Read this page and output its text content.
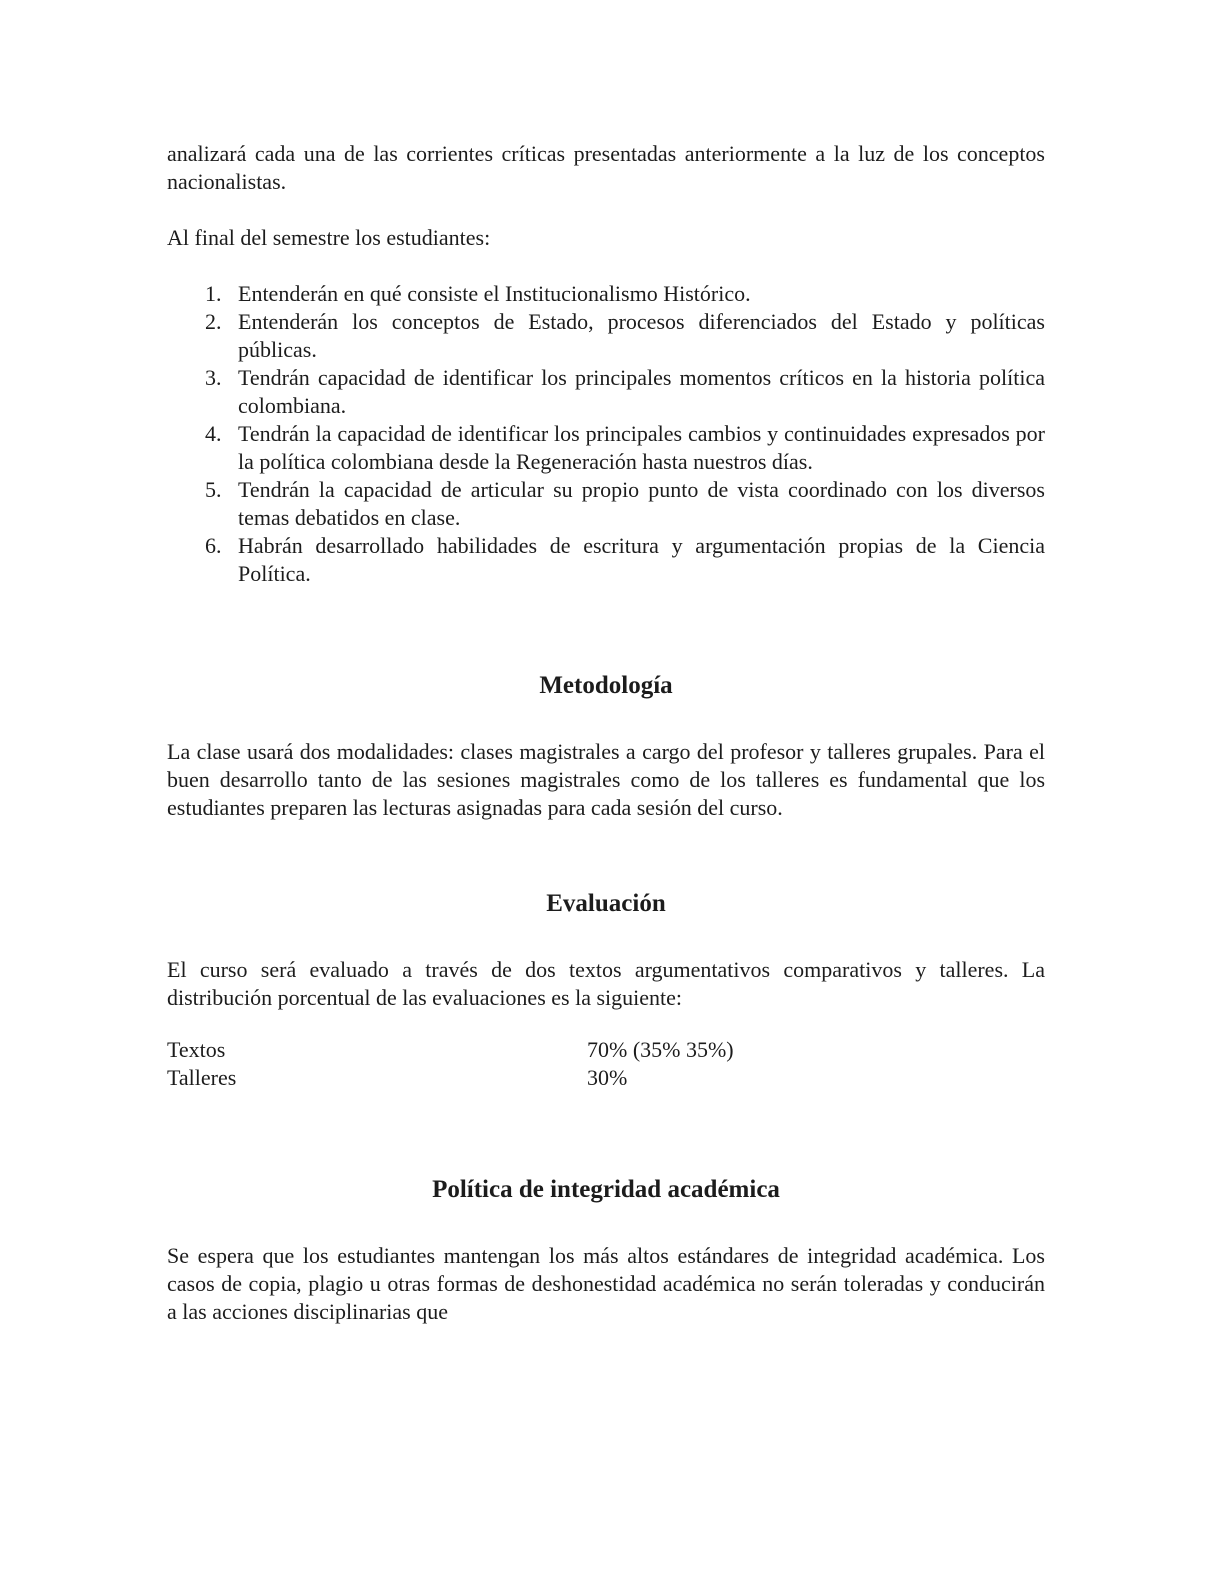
analizará cada una de las corrientes críticas presentadas anteriormente a la luz de los conceptos nacionalistas.

Al final del semestre los estudiantes:

1. Entenderán en qué consiste el Institucionalismo Histórico.
2. Entenderán los conceptos de Estado, procesos diferenciados del Estado y políticas públicas.
3. Tendrán capacidad de identificar los principales momentos críticos en la historia política colombiana.
4. Tendrán la capacidad de identificar los principales cambios y continuidades expresados por la política colombiana desde la Regeneración hasta nuestros días.
5. Tendrán la capacidad de articular su propio punto de vista coordinado con los diversos temas debatidos en clase.
6. Habrán desarrollado habilidades de escritura y argumentación propias de la Ciencia Política.
Metodología

La clase usará dos modalidades: clases magistrales a cargo del profesor y talleres grupales. Para el buen desarrollo tanto de las sesiones magistrales como de los talleres es fundamental que los estudiantes preparen las lecturas asignadas para cada sesión del curso.

Evaluación

El curso será evaluado a través de dos textos argumentativos comparativos y talleres. La distribución porcentual de las evaluaciones es la siguiente:

Textos	70% (35% 35%)
Talleres	30%
Política de integridad académica

Se espera que los estudiantes mantengan los más altos estándares de integridad académica. Los casos de copia, plagio u otras formas de deshonestidad académica no serán toleradas y conducirán a las acciones disciplinarias que
